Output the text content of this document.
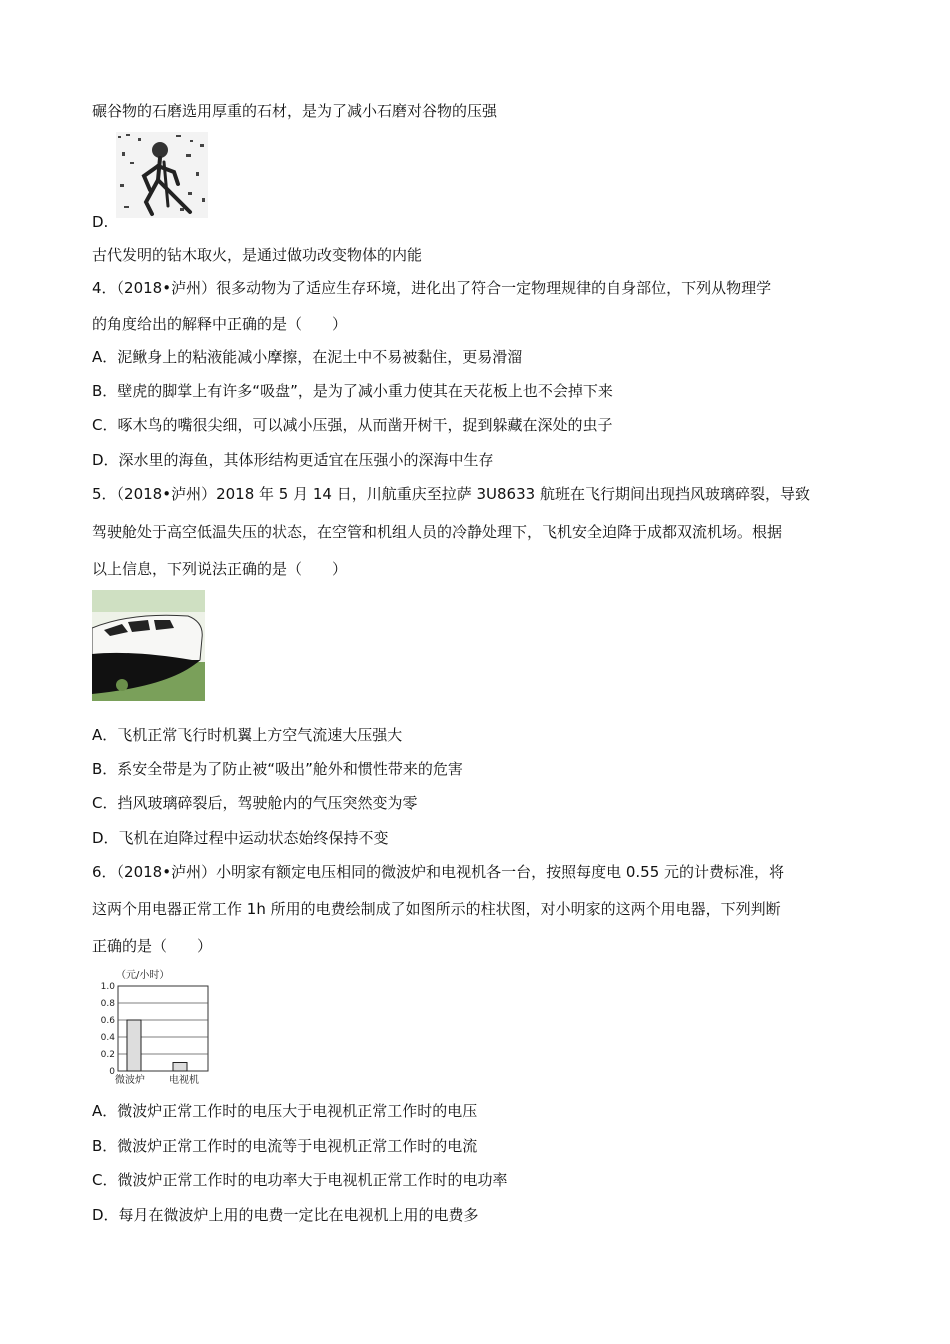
碾谷物的石磨选用厚重的石材，是为了减小石磨对谷物的压强
D.
古代发明的钻木取火，是通过做功改变物体的内能
4．（2018•泸州）很多动物为了适应生存环境，进化出了符合一定物理规律的自身部位，下列从物理学
的角度给出的解释中正确的是（　　）
A．泥鳅身上的粘液能减小摩擦，在泥土中不易被黏住，更易滑溜
B．壁虎的脚掌上有许多“吸盘”，是为了减小重力使其在天花板上也不会掉下来
C．啄木鸟的嘴很尖细，可以减小压强，从而凿开树干，捉到躲藏在深处的虫子
D．深水里的海鱼，其体形结构更适宜在压强小的深海中生存
5．（2018•泸州）2018 年 5 月 14 日，川航重庆至拉萨 3U8633 航班在飞行期间出现挡风玻璃碎裂，导致
驾驶舱处于高空低温失压的状态，在空管和机组人员的冷静处理下，飞机安全迫降于成都双流机场。根据
以上信息，下列说法正确的是（　　）
A．飞机正常飞行时机翼上方空气流速大压强大
B．系安全带是为了防止被“吸出”舱外和惯性带来的危害
C．挡风玻璃碎裂后，驾驶舱内的气压突然变为零
D．飞机在迫降过程中运动状态始终保持不变
6．（2018•泸州）小明家有额定电压相同的微波炉和电视机各一台，按照每度电 0.55 元的计费标准，将
这两个用电器正常工作 1h 所用的电费绘制成了如图所示的柱状图，对小明家的这两个用电器，下列判断
正确的是（　　）
（元/小时）
1.0
0.8
0.6
0.4
0.2
0
微波炉 电视机
A．微波炉正常工作时的电压大于电视机正常工作时的电压
B．微波炉正常工作时的电流等于电视机正常工作时的电流
C．微波炉正常工作时的电功率大于电视机正常工作时的电功率
D．每月在微波炉上用的电费一定比在电视机上用的电费多
